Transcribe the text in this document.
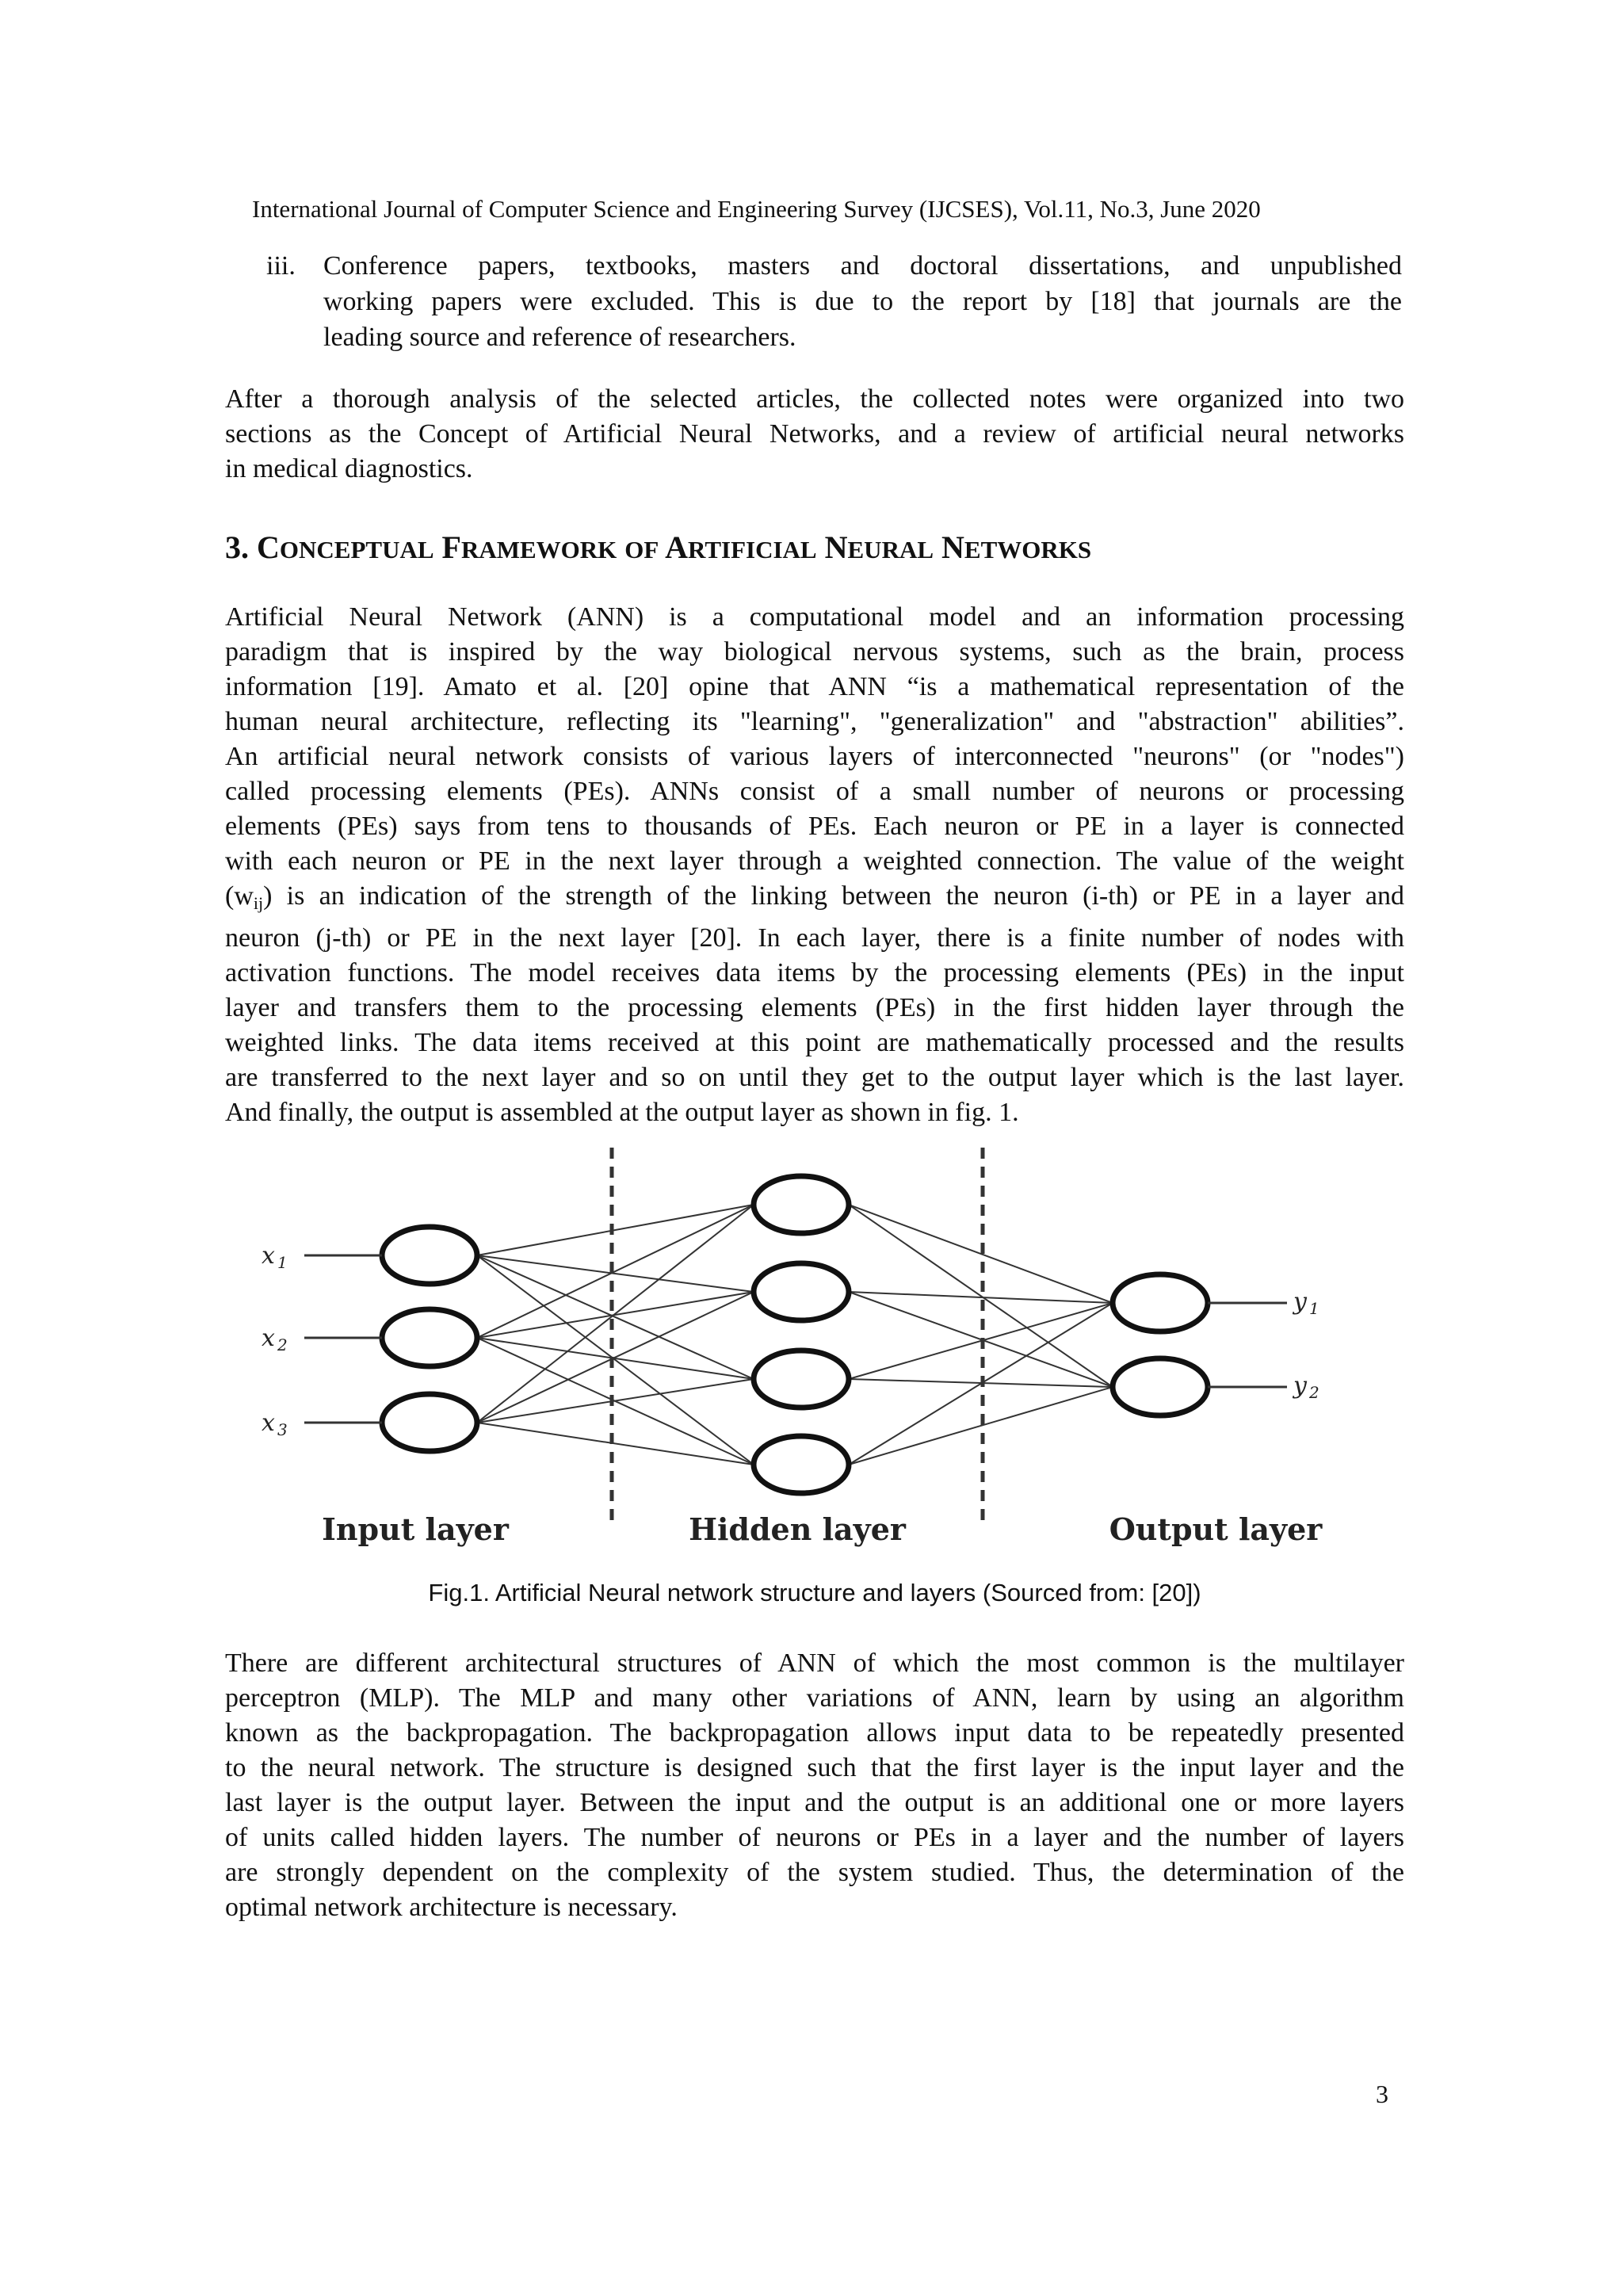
International Journal of Computer Science and Engineering Survey (IJCSES), Vol.11, No.3, June 2020
iii. Conference papers, textbooks, masters and doctoral dissertations, and unpublished
working papers were excluded. This is due to the report by [18] that journals are the
leading source and reference of researchers.

After a thorough analysis of the selected articles, the collected notes were organized into two
sections as the Concept of Artificial Neural Networks, and a review of artificial neural networks
in medical diagnostics.

3. CONCEPTUAL FRAMEWORK OF ARTIFICIAL NEURAL NETWORKS

Artificial Neural Network (ANN) is a computational model and an information processing
paradigm that is inspired by the way biological nervous systems, such as the brain, process
information [19]. Amato et al. [20] opine that ANN “is a mathematical representation of the
human neural architecture, reflecting its "learning", "generalization" and "abstraction" abilities”.
An artificial neural network consists of various layers of interconnected "neurons" (or "nodes")
called processing elements (PEs). ANNs consist of a small number of neurons or processing
elements (PEs) says from tens to thousands of PEs. Each neuron or PE in a layer is connected
with each neuron or PE in the next layer through a weighted connection. The value of the weight
$(w_{ij})$ is an indication of the strength of the linking between the neuron (i-th) or PE in a layer and
neuron (j-th) or PE in the next layer [20]. In each layer, there is a finite number of nodes with
activation functions. The model receives data items by the processing elements (PEs) in the input
layer and transfers them to the processing elements (PEs) in the first hidden layer through the
weighted links. The data items received at this point are mathematically processed and the results
are transferred to the next layer and so on until they get to the output layer which is the last layer.
And finally, the output is assembled at the output layer as shown in fig. 1.

x 1
x 2
x 3
y 1
y 2
Input layer	Hidden layer	Output layer
Fig.1. Artificial Neural network structure and layers (Sourced from: [20])

There are different architectural structures of ANN of which the most common is the multilayer
perceptron (MLP). The MLP and many other variations of ANN, learn by using an algorithm
known as the backpropagation. The backpropagation allows input data to be repeatedly presented
to the neural network. The structure is designed such that the first layer is the input layer and the
last layer is the output layer. Between the input and the output is an additional one or more layers
of units called hidden layers. The number of neurons or PEs in a layer and the number of layers
are strongly dependent on the complexity of the system studied. Thus, the determination of the
optimal network architecture is necessary.

3
